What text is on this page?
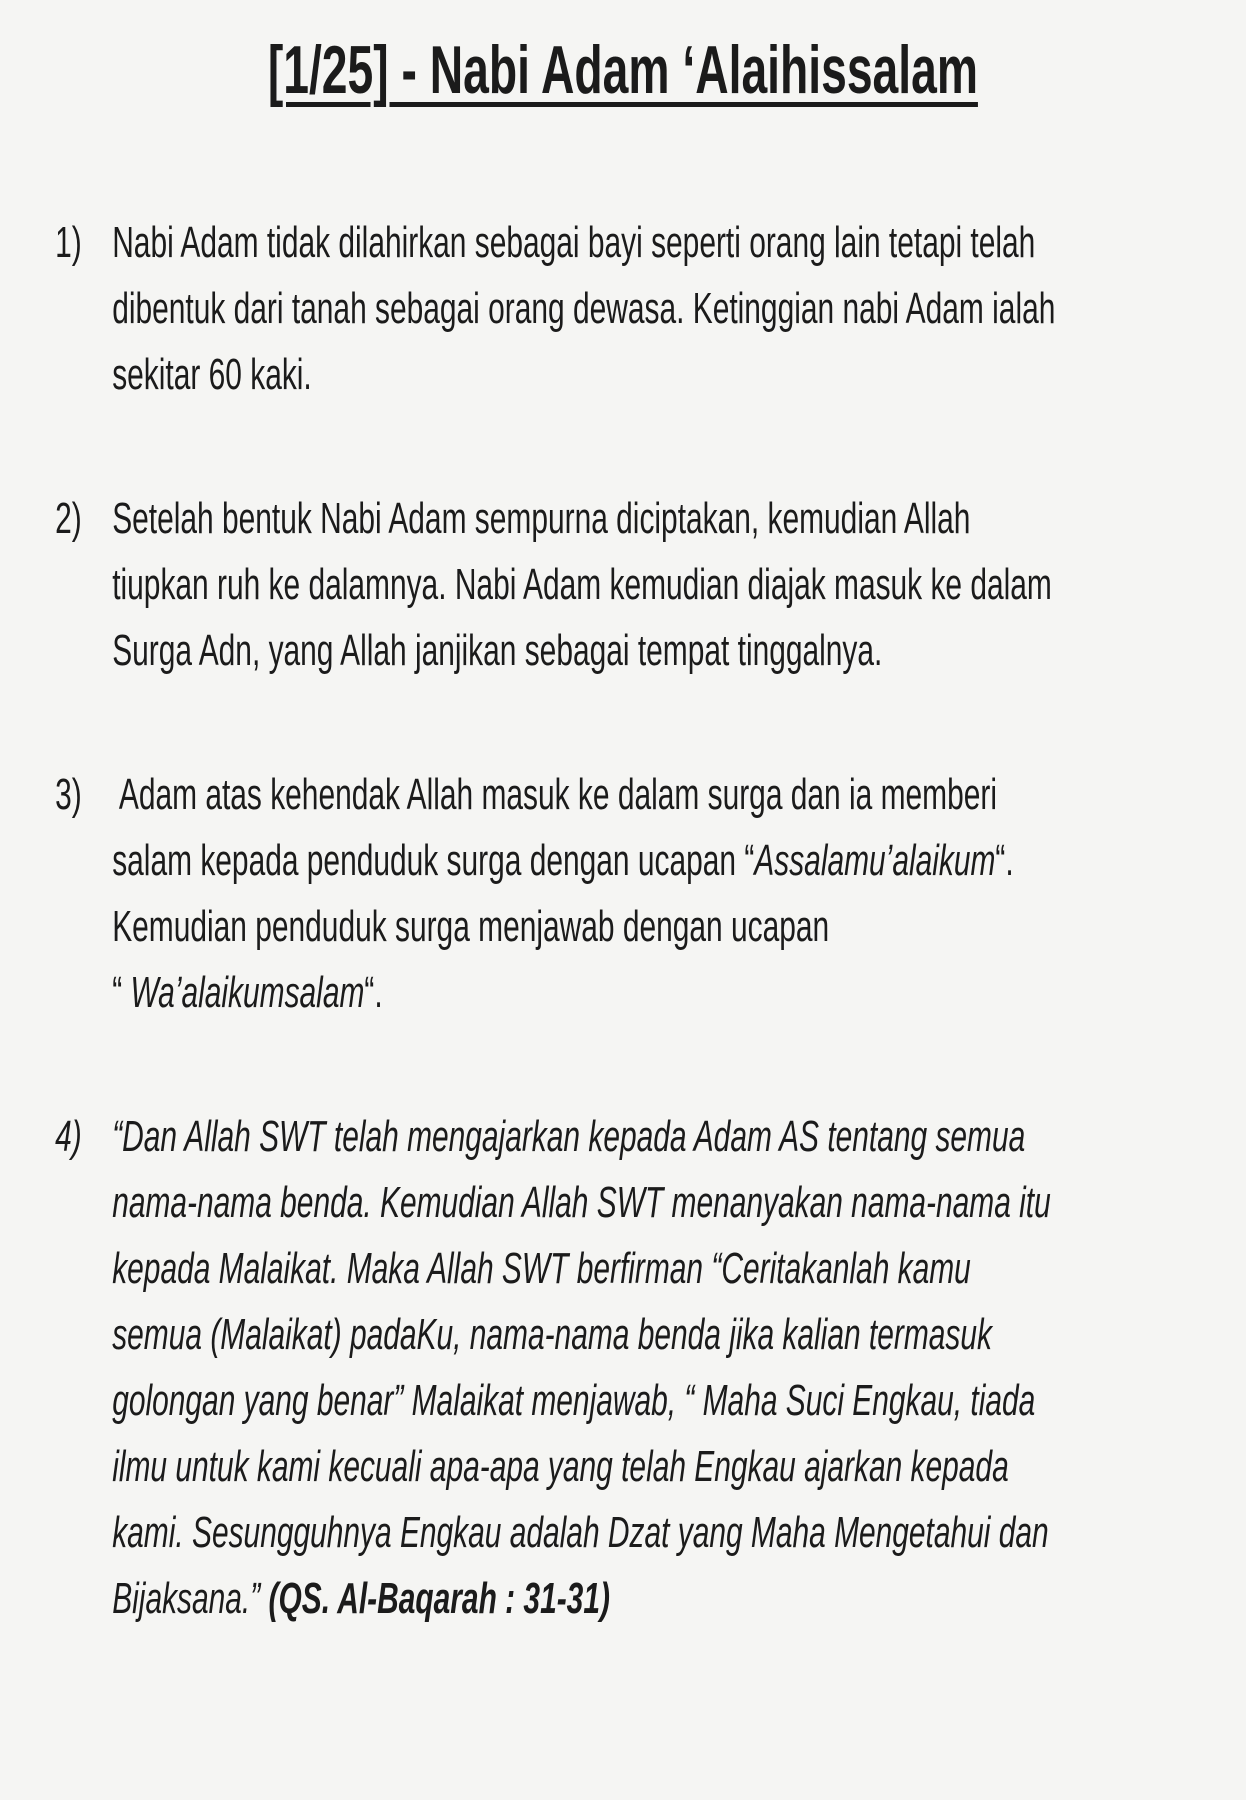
[1/25] - Nabi Adam ‘Alaihissalam
1) Nabi Adam tidak dilahirkan sebagai bayi seperti orang lain tetapi telah
dibentuk dari tanah sebagai orang dewasa. Ketinggian nabi Adam ialah
sekitar 60 kaki.
2) Setelah bentuk Nabi Adam sempurna diciptakan, kemudian Allah
tiupkan ruh ke dalamnya. Nabi Adam kemudian diajak masuk ke dalam
Surga Adn, yang Allah janjikan sebagai tempat tinggalnya.
3) Adam atas kehendak Allah masuk ke dalam surga dan ia memberi
salam kepada penduduk surga dengan ucapan “Assalamu’alaikum“.
Kemudian penduduk surga menjawab dengan ucapan
“ Wa’alaikumsalam“.
4) “Dan Allah SWT telah mengajarkan kepada Adam AS tentang semua
nama-nama benda. Kemudian Allah SWT menanyakan nama-nama itu
kepada Malaikat. Maka Allah SWT berfirman “Ceritakanlah kamu
semua (Malaikat) padaKu, nama-nama benda jika kalian termasuk
golongan yang benar” Malaikat menjawab, “ Maha Suci Engkau, tiada
ilmu untuk kami kecuali apa-apa yang telah Engkau ajarkan kepada
kami. Sesungguhnya Engkau adalah Dzat yang Maha Mengetahui dan
Bijaksana.” (QS. Al-Baqarah : 31-31)
